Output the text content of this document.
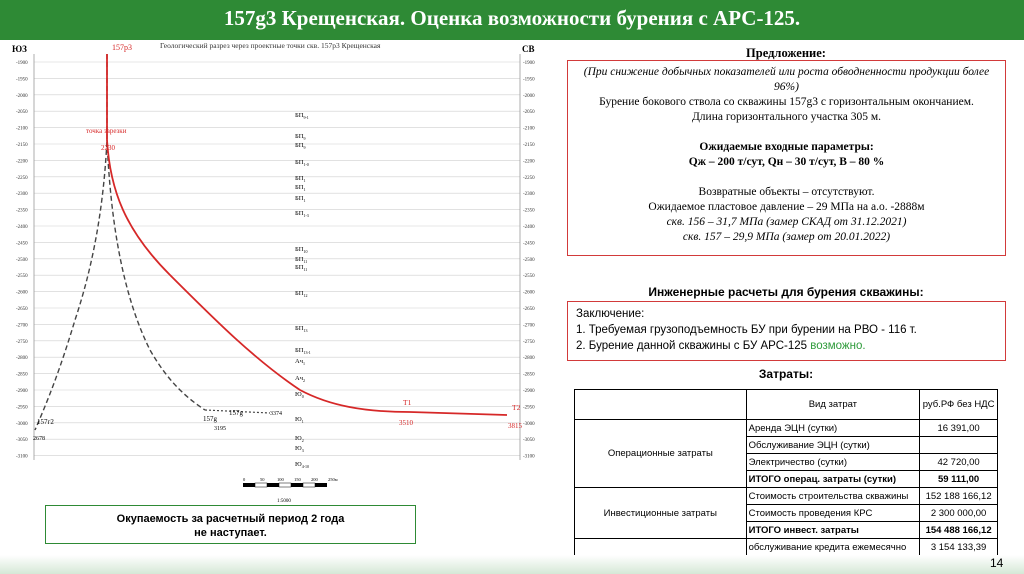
157g3 Крещенская. Оценка возможности бурения с АРС-125.
Геологический разрез через проектные точки скв. 157p3 Крещенская
ЮЗ	СВ
-1900	-1900
-1950	-1950
-2000	-2000
-2050	-2050
-2100	-2100
-2150	-2150
-2200	-2200
-2250	-2250
-2300	-2300
-2350	-2350
-2400	-2400
-2450	-2450
-2500	-2500
-2550	-2550
-2600	-2600
-2650	-2650
-2700	-2700
-2750	-2750
-2800	-2800
-2850	-2850
-2900	-2900
-2950	-2950
-3000	-3000
-3050	-3050
-3100	-3100
$БП_{9-1}$
$БП_9$
$БП_9$
$БП_{1-0}$
$БП_1$
$БП_1$
$БП_1$
$БП_{1-3}$
$БП_{10}$
$БП_{11}$
$БП_{11}$
$БП_{12}$
$БП_{13}$
$БП_{13-1}$
$Ач_1$
$Ач_2$
$Ю_0$
$Ю_1$
$Ю_2$
$Ю_3$
$Ю_{4-10}$
157p3
точка зарезки
2230
T1
3510
T2
3815
157г2
2678
157g
3195
157g	3374
0	50	100 150 200 250м
1:5000
Предложение:
(При снижение добычных показателей или роста обводненности продукции более 96%)
Бурение бокового ствола со скважины 157g3 с горизонтальным окончанием.
Длина горизонтального участка 305 м.
Ожидаемые входные параметры:
Qж – 200 т/сут, Qн – 30 т/сут, В – 80 %
Возвратные объекты – отсутствуют.
Ожидаемое пластовое давление – 29 МПа на а.о. -2888м
скв. 156 – 31,7 МПа (замер СКАД от 31.12.2021)
скв. 157 – 29,9 МПа (замер от 20.01.2022)
Инженерные расчеты для бурения скважины:
Заключение:
1. Требуемая грузоподъемность БУ при бурении на РВО - 116 т.
2. Бурение данной скважины с БУ АРС-125 возможно.
Затраты:
	Вид затрат	руб.РФ без НДС
Операционные затраты	Аренда ЭЦН (сутки)	16 391,00
	Обслуживание ЭЦН (сутки)	
	Электричество (сутки)	42 720,00
	ИТОГО операц. затраты (сутки)	59 111,00
Инвестиционные затраты	Стоимость строительства скважины	152 188 166,12
	Стоимость проведения КРС	2 300 000,00
	ИТОГО инвест. затраты	154 488 166,12
	обслуживание кредита ежемесячно	3 154 133,39
Окупаемость за расчетный период 2 года
не наступает.
14
